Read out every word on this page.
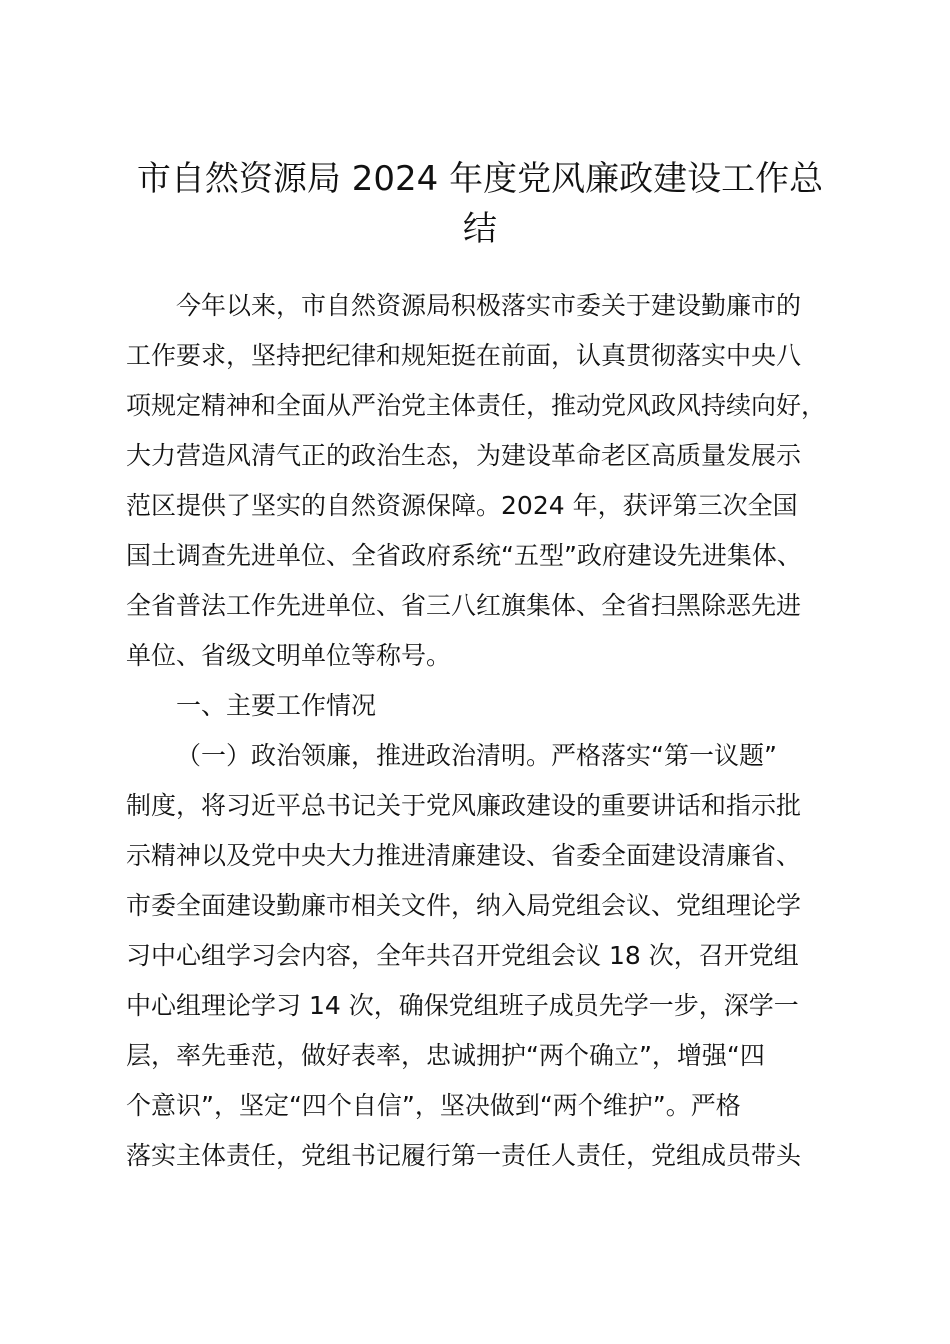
市自然资源局 2024 年度党风廉政建设工作总
结
今年以来，市自然资源局积极落实市委关于建设勤廉市的
工作要求，坚持把纪律和规矩挺在前面，认真贯彻落实中央八
项规定精神和全面从严治党主体责任，推动党风政风持续向好，
大力营造风清气正的政治生态，为建设革命老区高质量发展示
范区提供了坚实的自然资源保障。2024 年，获评第三次全国
国土调查先进单位、全省政府系统“五型”政府建设先进集体、
全省普法工作先进单位、省三八红旗集体、全省扫黑除恶先进
单位、省级文明单位等称号。
一、主要工作情况
（一）政治领廉，推进政治清明。严格落实“第一议题”
制度，将习近平总书记关于党风廉政建设的重要讲话和指示批
示精神以及党中央大力推进清廉建设、省委全面建设清廉省、
市委全面建设勤廉市相关文件，纳入局党组会议、党组理论学
习中心组学习会内容，全年共召开党组会议 18 次，召开党组
中心组理论学习 14 次，确保党组班子成员先学一步，深学一
层，率先垂范，做好表率，忠诚拥护“两个确立”，增强“四
个意识”，坚定“四个自信”，坚决做到“两个维护”。严格
落实主体责任，党组书记履行第一责任人责任，党组成员带头
